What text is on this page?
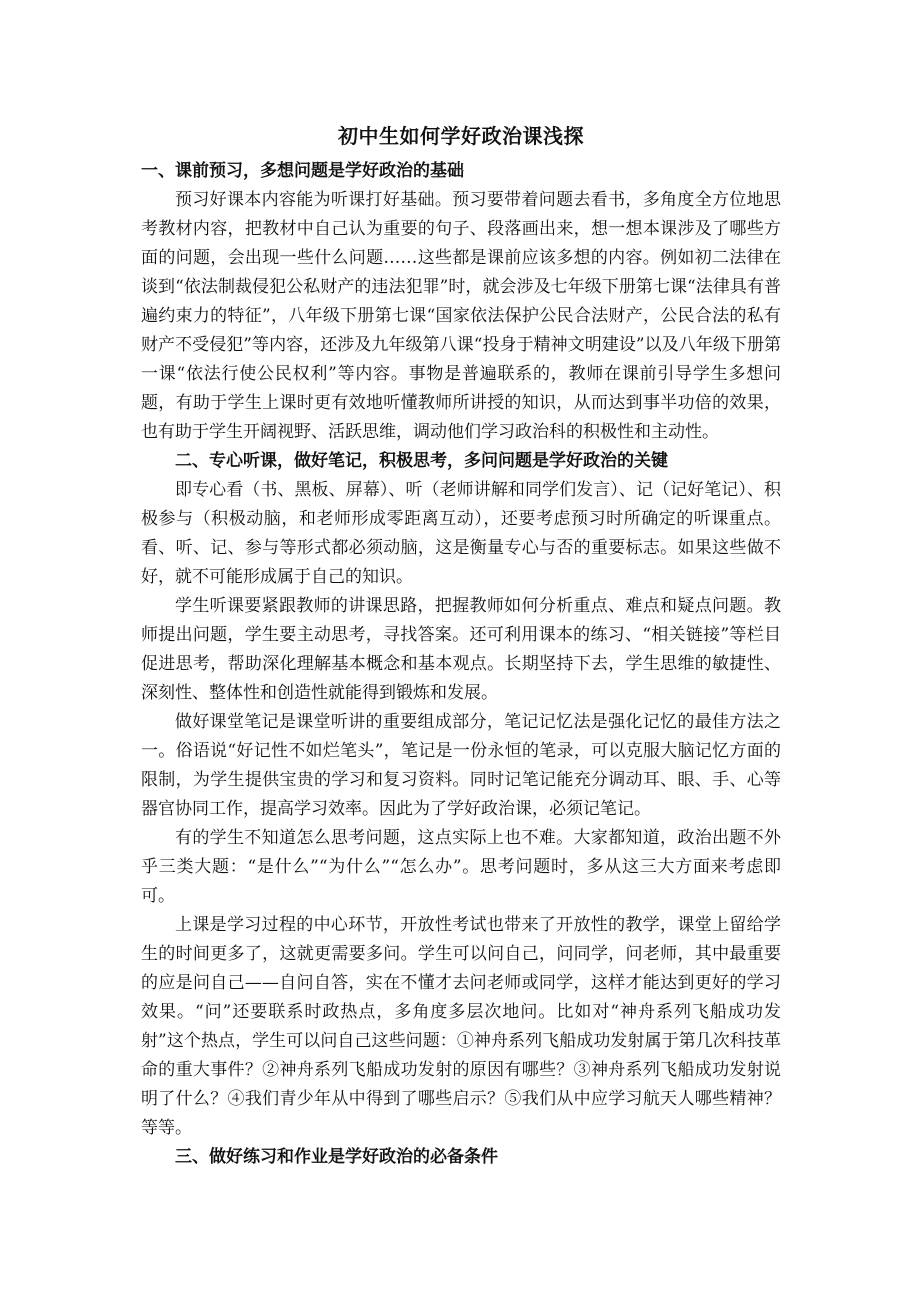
初中生如何学好政治课浅探
一、课前预习，多想问题是学好政治的基础

预习好课本内容能为听课打好基础。预习要带着问题去看书，多角度全方位地思考教材内容，把教材中自己认为重要的句子、段落画出来，想一想本课涉及了哪些方面的问题，会出现一些什么问题……这些都是课前应该多想的内容。例如初二法律在谈到“依法制裁侵犯公私财产的违法犯罪”时，就会涉及七年级下册第七课“法律具有普遍约束力的特征”，八年级下册第七课“国家依法保护公民合法财产，公民合法的私有财产不受侵犯”等内容，还涉及九年级第八课“投身于精神文明建设”以及八年级下册第一课“依法行使公民权利”等内容。事物是普遍联系的，教师在课前引导学生多想问题，有助于学生上课时更有效地听懂教师所讲授的知识，从而达到事半功倍的效果，也有助于学生开阔视野、活跃思维，调动他们学习政治科的积极性和主动性。

二、专心听课，做好笔记，积极思考，多问问题是学好政治的关键

即专心看（书、黑板、屏幕）、听（老师讲解和同学们发言）、记（记好笔记）、积极参与（积极动脑，和老师形成零距离互动），还要考虑预习时所确定的听课重点。看、听、记、参与等形式都必须动脑，这是衡量专心与否的重要标志。如果这些做不好，就不可能形成属于自己的知识。

学生听课要紧跟教师的讲课思路，把握教师如何分析重点、难点和疑点问题。教师提出问题，学生要主动思考，寻找答案。还可利用课本的练习、“相关链接”等栏目促进思考，帮助深化理解基本概念和基本观点。长期坚持下去，学生思维的敏捷性、深刻性、整体性和创造性就能得到锻炼和发展。

做好课堂笔记是课堂听讲的重要组成部分，笔记记忆法是强化记忆的最佳方法之一。俗语说“好记性不如烂笔头”，笔记是一份永恒的笔录，可以克服大脑记忆方面的限制，为学生提供宝贵的学习和复习资料。同时记笔记能充分调动耳、眼、手、心等器官协同工作，提高学习效率。因此为了学好政治课，必须记笔记。

有的学生不知道怎么思考问题，这点实际上也不难。大家都知道，政治出题不外乎三类大题：“是什么”“为什么”“怎么办”。思考问题时，多从这三大方面来考虑即可。

上课是学习过程的中心环节，开放性考试也带来了开放性的教学，课堂上留给学生的时间更多了，这就更需要多问。学生可以问自己，问同学，问老师，其中最重要的应是问自己——自问自答，实在不懂才去问老师或同学，这样才能达到更好的学习效果。“问”还要联系时政热点，多角度多层次地问。比如对“神舟系列飞船成功发射”这个热点，学生可以问自己这些问题：①神舟系列飞船成功发射属于第几次科技革命的重大事件？②神舟系列飞船成功发射的原因有哪些？③神舟系列飞船成功发射说明了什么？④我们青少年从中得到了哪些启示？⑤我们从中应学习航天人哪些精神？等等。

三、做好练习和作业是学好政治的必备条件
